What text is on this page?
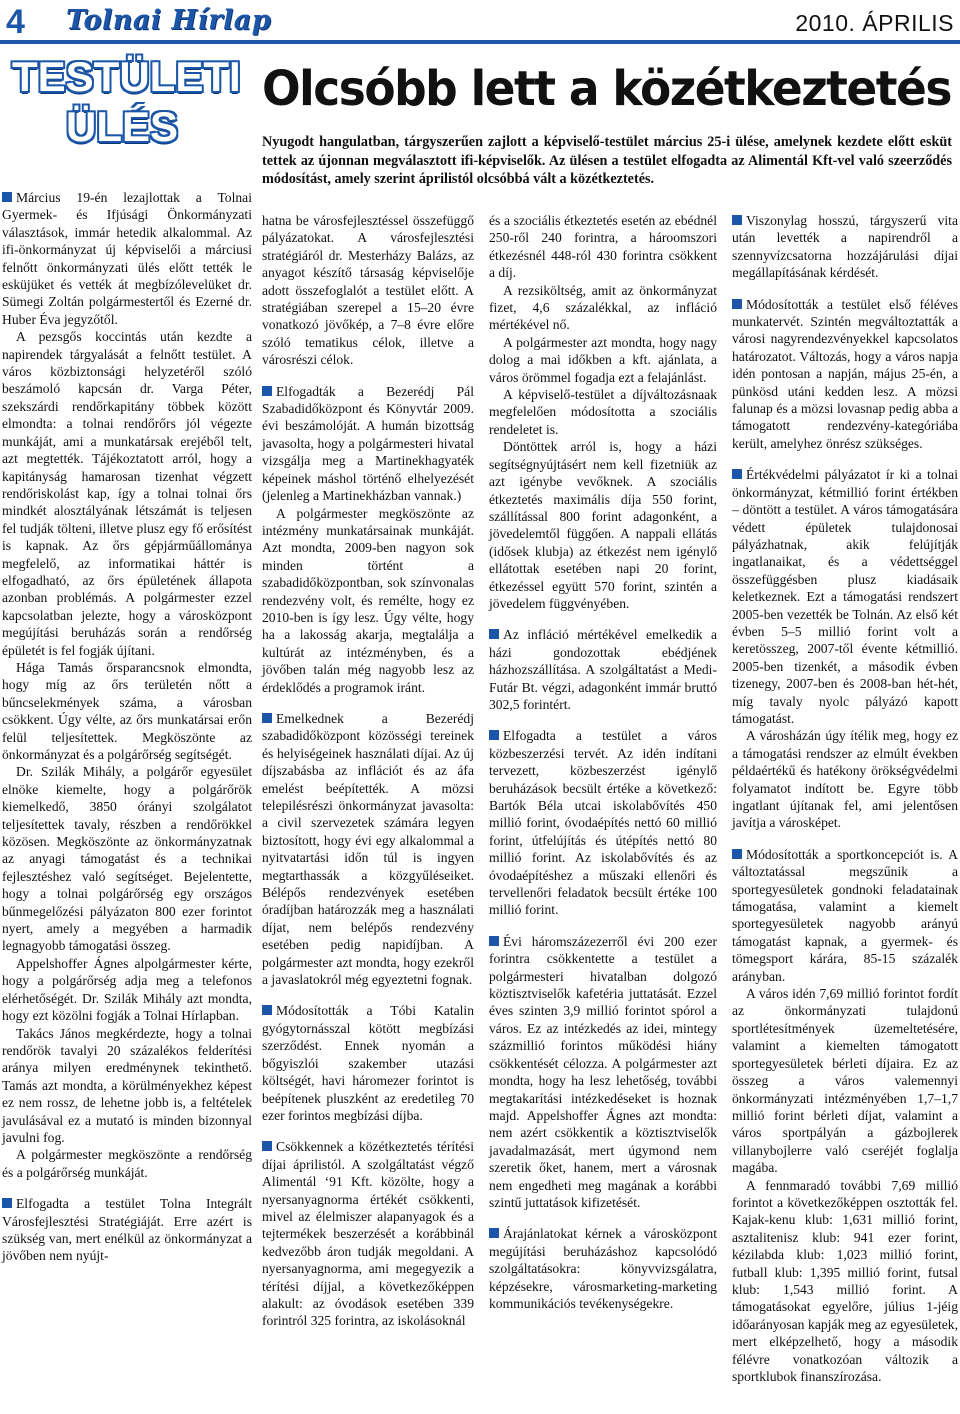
4 Tolnai Hírlap	2010. ÁPRILIS
TESTÜLETI
ÜLÉS
Olcsóbb lett a közétkeztetés
Nyugodt hangulatban, tárgyszerűen zajlott a képviselő-testület március 25-i ülése, amelynek kezdete előtt esküt tettek az újonnan megválasztott ifi-képviselők. Az ülésen a testület elfogadta az Alimentál Kft-vel való szeerződés módosítást, amely szerint áprilistól olcsóbbá vált a közétkeztetés.

Március 19-én lezajlottak a Tolnai Gyermek- és Ifjúsági Önkormányzati választások, immár hetedik alkalommal. Az ifi-önkormányzat új képviselői a márciusi felnőtt önkormányzati ülés előtt tették le esküjüket és vették át megbízólevelüket dr. Sümegi Zoltán polgármestertől és Ezerné dr. Huber Éva jegyzőtől.

A pezsgős koccintás után kezdte a napirendek tárgyalását a felnőtt testület. A város közbiztonsági helyzetéről szóló beszámoló kapcsán dr. Varga Péter, szekszárdi rendőrkapitány többek között elmondta: a tolnai rendőrőrs jól végezte munkáját, ami a munkatársak erejéből telt, azt megtették. Tájékoztatott arról, hogy a kapitányság hamarosan tizenhat végzett rendőriskolást kap, így a tolnai tolnai őrs mindkét alosztályának létszámát is teljesen fel tudják tölteni, illetve plusz egy fő erősítést is kapnak. Az őrs gépjárműállománya megfelelő, az informatikai háttér is elfogadható, az őrs épületének állapota azonban problémás. A polgármester ezzel kapcsolatban jelezte, hogy a városközpont megújítási beruházás során a rendőrség épületét is fel fogják újítani.

Hága Tamás őrsparancsnok elmondta, hogy míg az őrs területén nőtt a bűncselekmények száma, a városban csökkent. Úgy vélte, az őrs munkatársai erőn felül teljesítettek. Megköszönte az önkormányzat és a polgárőrség segítségét.

Dr. Szilák Mihály, a polgárőr egyesület elnöke kiemelte, hogy a polgárőrök kiemelkedő, 3850 órányi szolgálatot teljesítettek tavaly, részben a rendőrökkel közösen. Megköszönte az önkormányzatnak az anyagi támogatást és a technikai fejlesztéshez való segítséget. Bejelentette, hogy a tolnai polgárőrség egy országos bűnmegelőzési pályázaton 800 ezer forintot nyert, amely a megyében a harmadik legnagyobb támogatási összeg.

Appelshoffer Ágnes alpolgármester kérte, hogy a polgárőrség adja meg a telefonos elérhetőségét. Dr. Szilák Mihály azt mondta, hogy ezt közölni fogják a Tolnai Hírlapban.

Takács János megkérdezte, hogy a tolnai rendőrök tavalyi 20 százalékos felderítési aránya milyen eredménynek tekinthető. Tamás azt mondta, a körülményekhez képest ez nem rossz, de lehetne jobb is, a feltételek javulásával ez a mutató is minden bizonnyal javulni fog.

A polgármester megköszönte a rendőrség és a polgárőrség munkáját.

Elfogadta a testület Tolna Integrált Városfejlesztési Stratégiáját. Erre azért is szükség van, mert enélkül az önkormányzat a jövőben nem nyújt-

hatna be városfejlesztéssel összefüggő pályázatokat. A városfejlesztési stratégiáról dr. Mesterházy Balázs, az anyagot készítő társaság képviselője adott összefoglalót a testület előtt. A stratégiában szerepel a 15–20 évre vonatkozó jövőkép, a 7–8 évre előre szóló tematikus célok, illetve a városrészi célok.

Elfogadták a Bezerédj Pál Szabadidőközpont és Könyvtár 2009. évi beszámolóját. A humán bizottság javasolta, hogy a polgármesteri hivatal vizsgálja meg a Martinekhagyaték képeinek máshol történő elhelyezését (jelenleg a Martinekházban vannak.)

A polgármester megköszönte az intézmény munkatársainak munkáját. Azt mondta, 2009-ben nagyon sok minden történt a szabadidőközpontban, sok színvonalas rendezvény volt, és remélte, hogy ez 2010-ben is így lesz. Úgy vélte, hogy ha a lakosság akarja, megtalálja a kultúrát az intézményben, és a jövőben talán még nagyobb lesz az érdeklődés a programok iránt.

Emelkednek a Bezerédj szabadidőközpont közösségi tereinek és helyiségeinek használati díjai. Az új díjszabásba az inflációt és az áfa emelést beépítették. A mözsi telepilésrészi önkormányzat javasolta: a civil szervezetek számára legyen biztosított, hogy évi egy alkalommal a nyitvatartási időn túl is ingyen megtarthassák a közgyűléseiket. Bélépős rendezvények esetében óradíjban határozzák meg a használati díjat, nem belépős rendezvény esetében pedig napidíjban. A polgármester azt mondta, hogy ezekről a javaslatokról még egyeztetni fognak.

Módosították a Tóbi Katalin gyógytornásszal kötött megbízási szerződést. Ennek nyomán a bőgyiszlói szakember utazási költségét, havi háromezer forintot is beépítenek pluszként az eredetileg 70 ezer forintos megbízási díjba.

Csökkennek a közétkeztetés térítési díjai áprilistól. A szolgáltatást végző Alimentál ‘91 Kft. közölte, hogy a nyersanyagnorma értékét csökkenti, mivel az élelmiszer alapanyagok és a tejtermékek beszerzését a korábbinál kedvezőbb áron tudják megoldani. A nyersanyagnorma, ami megegyezik a térítési díjjal, a következőképpen alakult: az óvodások esetében 339 forintról 325 forintra, az iskolásoknál

és a szociális étkeztetés esetén az ebédnél 250-ről 240 forintra, a hároomszori étkezésnél 448-ról 430 forintra csökkent a díj.

A rezsiköltség, amit az önkormányzat fizet, 4,6 százalékkal, az infláció mértékével nő.

A polgármester azt mondta, hogy nagy dolog a mai időkben a kft. ajánlata, a város örömmel fogadja ezt a felajánlást.

A képviselő-testület a díjváltozásnaak megfelelően módosította a szociális rendeletet is.

Döntöttek arról is, hogy a házi segítségnyújtásért nem kell fizetniük az azt igénybe vevőknek. A szociális étkeztetés maximális díja 550 forint, szállítással 800 forint adagonként, a jövedelemtől függően. A nappali ellátás (idősek klubja) az étkezést nem igénylő ellátottak esetében napi 20 forint, étkezéssel együtt 570 forint, szintén a jövedelem függvényében.

Az infláció mértékével emelkedik a házi gondozottak ebédjének házhozszállítása. A szolgáltatást a Medi-Futár Bt. végzi, adagonként immár bruttó 302,5 forintért.

Elfogadta a testület a város közbeszerzési tervét. Az idén indítani tervezett, közbeszerzést igénylő beruházások becsült értéke a következő: Bartók Béla utcai iskolabővítés 450 millió forint, óvodaépítés nettó 60 millió forint, útfelújítás és útépítés nettó 80 millió forint. Az iskolabővítés és az óvodaépítéshez a műszaki ellenőri és tervellenőri feladatok becsült értéke 100 millió forint.

Évi háromszázezerről évi 200 ezer forintra csökkentette a testület a polgármesteri hivatalban dolgozó köztisztviselők kafetéria juttatását. Ezzel éves szinten 3,9 millió forintot spórol a város. Ez az intézkedés az idei, mintegy százmillió forintos működési hiány csökkentését célozza. A polgármester azt mondta, hogy ha lesz lehetőség, további megtakarítási intézkedéseket is hoznak majd. Appelshoffer Ágnes azt mondta: nem azért csökkentik a köztisztviselők javadalmazását, mert úgymond nem szeretik őket, hanem, mert a városnak nem engedheti meg magának a korábbi szintű juttatások kifizetését.

Árajánlatokat kérnek a városközpont megújítási beruházáshoz kapcsolódó szolgáltatásokra: könyvvizsgálatra, képzésekre, városmarketing-marketing kommunikációs tevékenységekre.

Viszonylag hosszú, tárgyszerű vita után levették a napirendről a szennyvízcsatorna hozzájárulási díjai megállapításának kérdését.

Módosították a testület első féléves munkatervét. Szintén megváltoztatták a városi nagyrendezvényekkel kapcsolatos határozatot. Változás, hogy a város napja idén pontosan a napján, május 25-én, a pünkösd utáni kedden lesz. A mözsi falunap és a mözsi lovasnap pedig abba a támogatott rendezvény-kategóriába került, amelyhez önrész szükséges.

Értékvédelmi pályázatot ír ki a tolnai önkormányzat, kétmillió forint értékben – döntött a testület. A város támogatására védett épületek tulajdonosai pályázhatnak, akik felújítják ingatlanaikat, és a védettséggel összefüggésben plusz kiadásaik keletkeznek. Ezt a támogatási rendszert 2005-ben vezették be Tolnán. Az első két évben 5–5 millió forint volt a keretösszeg, 2007-től évente kétmillió. 2005-ben tizenkét, a második évben tizenegy, 2007-ben és 2008-ban hét-hét, míg tavaly nyolc pályázó kapott támogatást.

A városházán úgy ítélik meg, hogy ez a támogatási rendszer az elmúlt években példaértékű és hatékony örökségvédelmi folyamatot indított be. Egyre több ingatlant újítanak fel, ami jelentősen javítja a városképet.

Módosították a sportkoncepciót is. A változtatással megszűnik a sportegyesületek gondnoki feladatainak támogatása, valamint a kiemelt sportegyesületek nagyobb arányú támogatást kapnak, a gyermek- és tömegsport kárára, 85-15 százalék arányban.

A város idén 7,69 millió forintot fordít az önkormányzati tulajdonú sportlétesítmények üzemeltetésére, valamint a kiemelten támogatott sportegyesületek bérleti díjaira. Ez az összeg a város valemennyi önkormányzati intézményében 1,7–1,7 millió forint bérleti díjat, valamint a város sportpályán a gázbojlerek villanybojlerre való cseréjét foglalja magába.

A fennmaradó további 7,69 millió forintot a következőképpen osztották fel. Kajak-kenu klub: 1,631 millió forint, asztalitenisz klub: 941 ezer forint, kézilabda klub: 1,023 millió forint, futball klub: 1,395 millió forint, futsal klub: 1,543 millió forint. A támogatásokat egyelőre, július 1-jéig időarányosan kapják meg az egyesületek, mert elképzelhető, hogy a második félévre vonatkozóan változik a sportklubok finanszírozása.
